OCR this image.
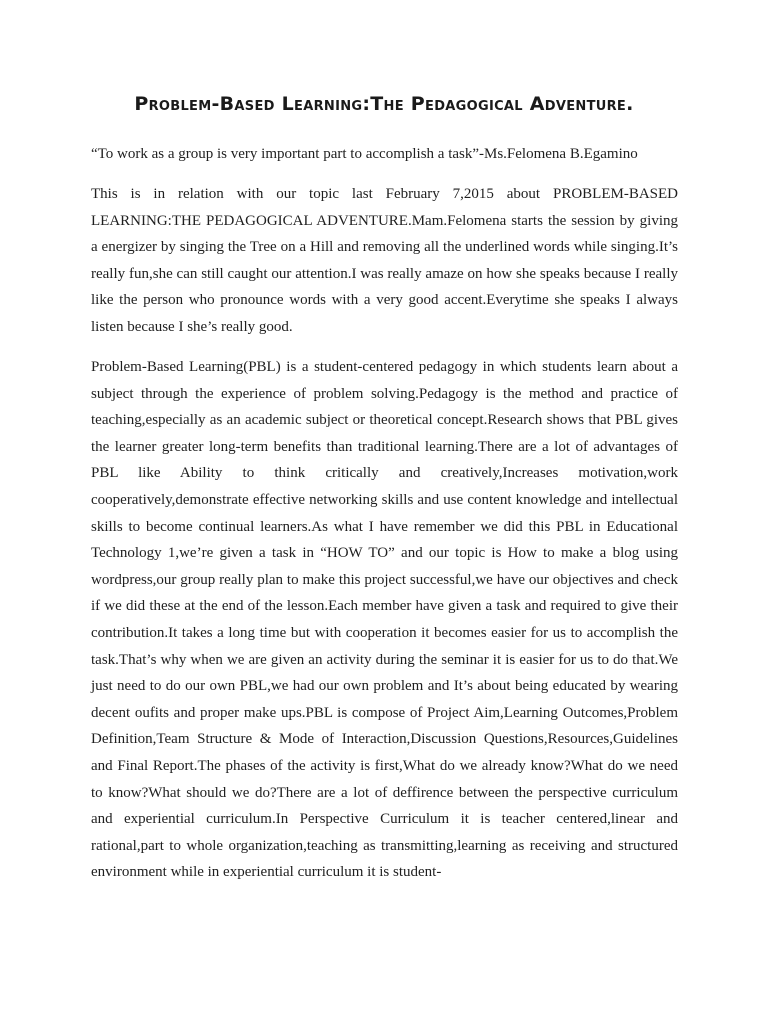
Problem-Based Learning:The Pedagogical Adventure.

“To work as a group is very important part to accomplish a task”-Ms.Felomena B.Egamino

This is in relation with our topic last February 7,2015 about PROBLEM-BASED LEARNING:THE PEDAGOGICAL ADVENTURE.Mam.Felomena starts the session by giving a energizer by singing the Tree on a Hill and removing all the underlined words while singing.It’s really fun,she can still caught our attention.I was really amaze on how she speaks because I really like the person who pronounce words with a very good accent.Everytime she speaks I always listen because I she’s really good.

Problem-Based Learning(PBL) is a student-centered pedagogy in which students learn about a subject through the experience of problem solving.Pedagogy is the method and practice of teaching,especially as an academic subject or theoretical concept.Research shows that PBL gives the learner greater long-term benefits than traditional learning.There are a lot of advantages of PBL like Ability to think critically and creatively,Increases motivation,work cooperatively,demonstrate effective networking skills and use content knowledge and intellectual skills to become continual learners.As what I have remember we did this PBL in Educational Technology 1,we’re given a task in “HOW TO” and our topic is How to make a blog using wordpress,our group really plan to make this project successful,we have our objectives and check if we did these at the end of the lesson.Each member have given a task and required to give their contribution.It takes a long time but with cooperation it becomes easier for us to accomplish the task.That’s why when we are given an activity during the seminar it is easier for us to do that.We just need to do our own PBL,we had our own problem and It’s about being educated by wearing decent oufits and proper make ups.PBL is compose of Project Aim,Learning Outcomes,Problem Definition,Team Structure & Mode of Interaction,Discussion Questions,Resources,Guidelines and Final Report.The phases of the activity is first,What do we already know?What do we need to know?What should we do?There are a lot of deffirence between the perspective curriculum and experiential curriculum.In Perspective Curriculum it is teacher centered,linear and rational,part to whole organization,teaching as transmitting,learning as receiving and structured environment while in experiential curriculum it is student-
